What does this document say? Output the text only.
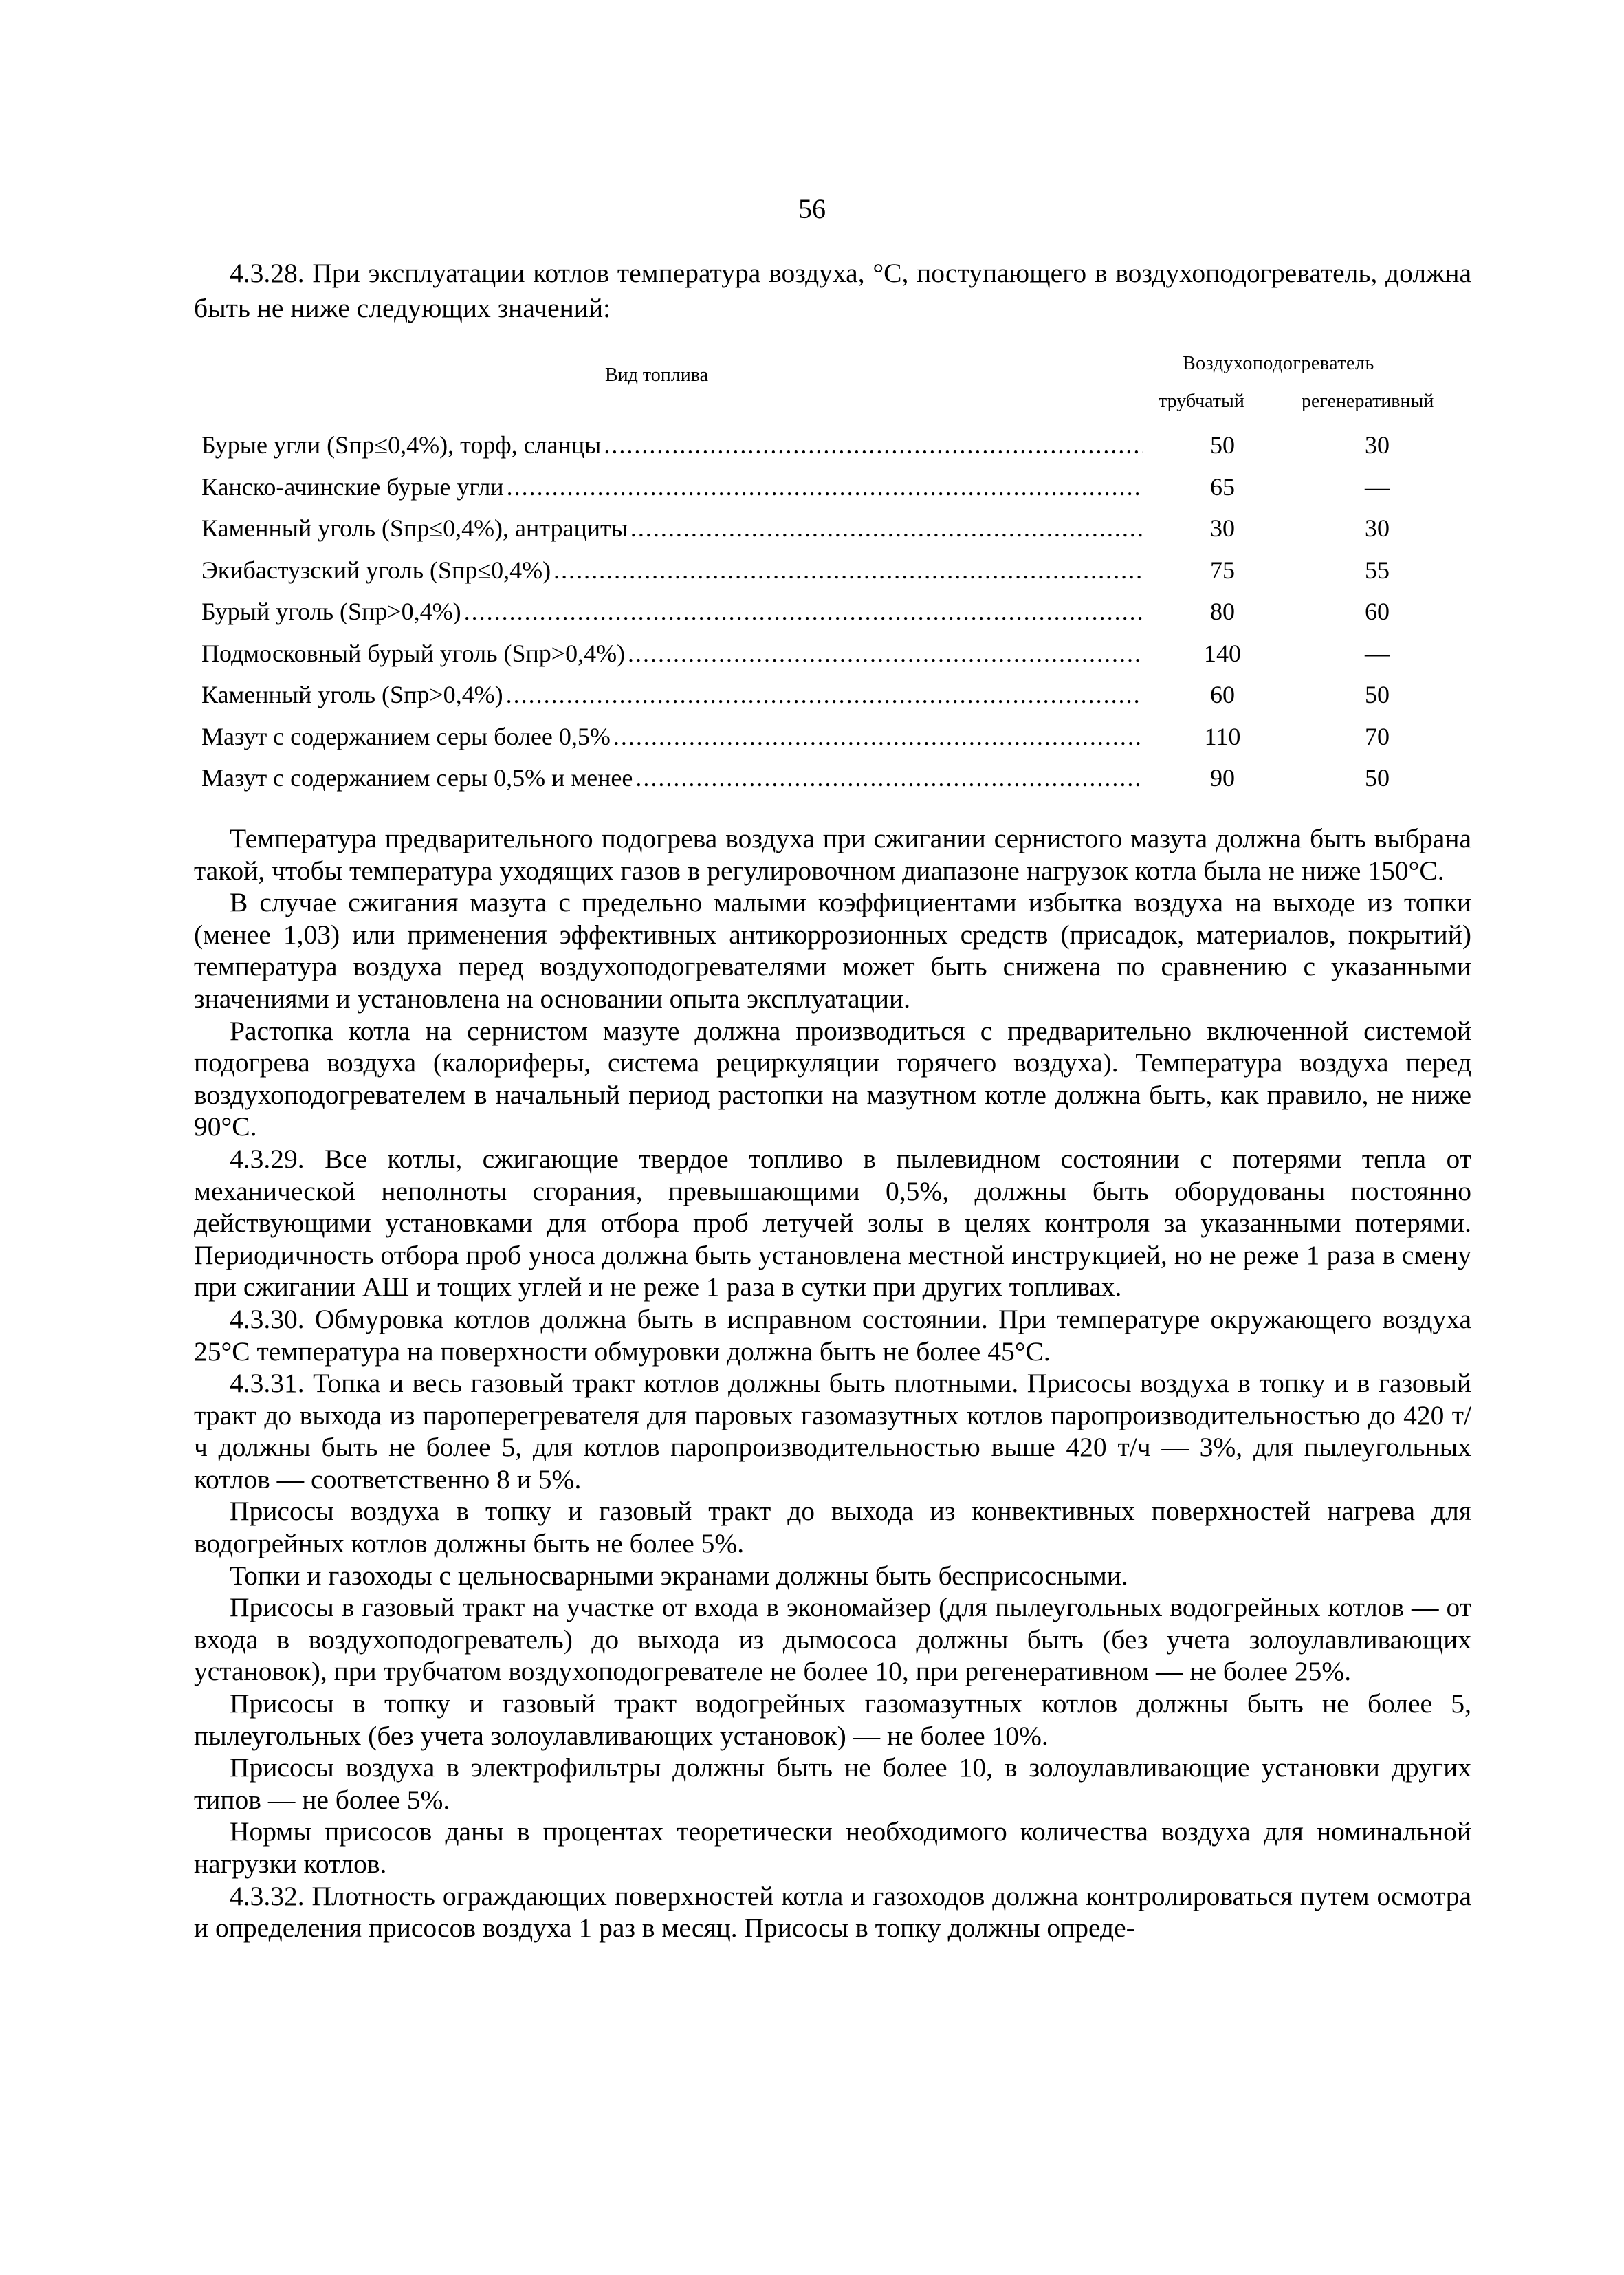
56

4.3.28. При эксплуатации котлов температура воздуха, °С, поступающего в воздухоподогреватель, должна быть не ниже следующих значений:

Вид топлива
Воздухоподогреватель
трубчатый	регенеративный
Бурые угли (Sпр≤0,4%), торф, сланцы .....	50	30
Канско-ачинские бурые угли .....	65	—
Каменный уголь (Sпр≤0,4%), антрациты .....	30	30
Экибастузский уголь (Sпр≤0,4%) .....	75	55
Бурый уголь (Sпр>0,4%) .....	80	60
Подмосковный бурый уголь (Sпр>0,4%) .....	140	—
Каменный уголь (Sпр>0,4%) .....	60	50
Мазут с содержанием серы более 0,5% .....	110	70
Мазут с содержанием серы 0,5% и менее .....	90	50

Температура предварительного подогрева воздуха при сжигании сернистого мазута должна быть выбрана такой, чтобы температура уходящих газов в регулировочном диапазоне нагрузок котла была не ниже 150°С.

В случае сжигания мазута с предельно малыми коэффициентами избытка воздуха на выходе из топки (менее 1,03) или применения эффективных антикоррозионных средств (присадок, материалов, покрытий) температура воздуха перед воздухоподогревателями может быть снижена по сравнению с указанными значениями и установлена на основании опыта эксплуатации.

Растопка котла на сернистом мазуте должна производиться с предварительно включенной системой подогрева воздуха (калориферы, система рециркуляции горячего воздуха). Температура воздуха перед воздухоподогревателем в начальный период растопки на мазутном котле должна быть, как правило, не ниже 90°С.

4.3.29. Все котлы, сжигающие твердое топливо в пылевидном состоянии с потерями тепла от механической неполноты сгорания, превышающими 0,5%, должны быть оборудованы постоянно действующими установками для отбора проб летучей золы в целях контроля за указанными потерями. Периодичность отбора проб уноса должна быть установлена местной инструкцией, но не реже 1 раза в смену при сжигании АШ и тощих углей и не реже 1 раза в сутки при других топливах.

4.3.30. Обмуровка котлов должна быть в исправном состоянии. При температуре окружающего воздуха 25°С температура на поверхности обмуровки должна быть не более 45°С.

4.3.31. Топка и весь газовый тракт котлов должны быть плотными. Присосы воздуха в топку и в газовый тракт до выхода из пароперегревателя для паровых газомазутных котлов паропроизводительностью до 420 т/ч должны быть не более 5, для котлов паропроизводительностью выше 420 т/ч — 3%, для пылеугольных котлов — соответственно 8 и 5%.

Присосы воздуха в топку и газовый тракт до выхода из конвективных поверхностей нагрева для водогрейных котлов должны быть не более 5%.

Топки и газоходы с цельносварными экранами должны быть беcприсосными.

Присосы в газовый тракт на участке от входа в экономайзер (для пылеугольных водогрейных котлов — от входа в воздухоподогреватель) до выхода из дымососа должны быть (без учета золоулавливающих установок), при трубчатом воздухоподогревателе не более 10, при регенеративном — не более 25%.

Присосы в топку и газовый тракт водогрейных газомазутных котлов должны быть не более 5, пылеугольных (без учета золоулавливающих установок) — не более 10%.

Присосы воздуха в электрофильтры должны быть не более 10, в золоулавливающие установки других типов — не более 5%.

Нормы присосов даны в процентах теоретически необходимого количества воздуха для номинальной нагрузки котлов.

4.3.32. Плотность ограждающих поверхностей котла и газоходов должна контролироваться путем осмотра и определения присосов воздуха 1 раз в месяц. Присосы в топку должны опреде-
